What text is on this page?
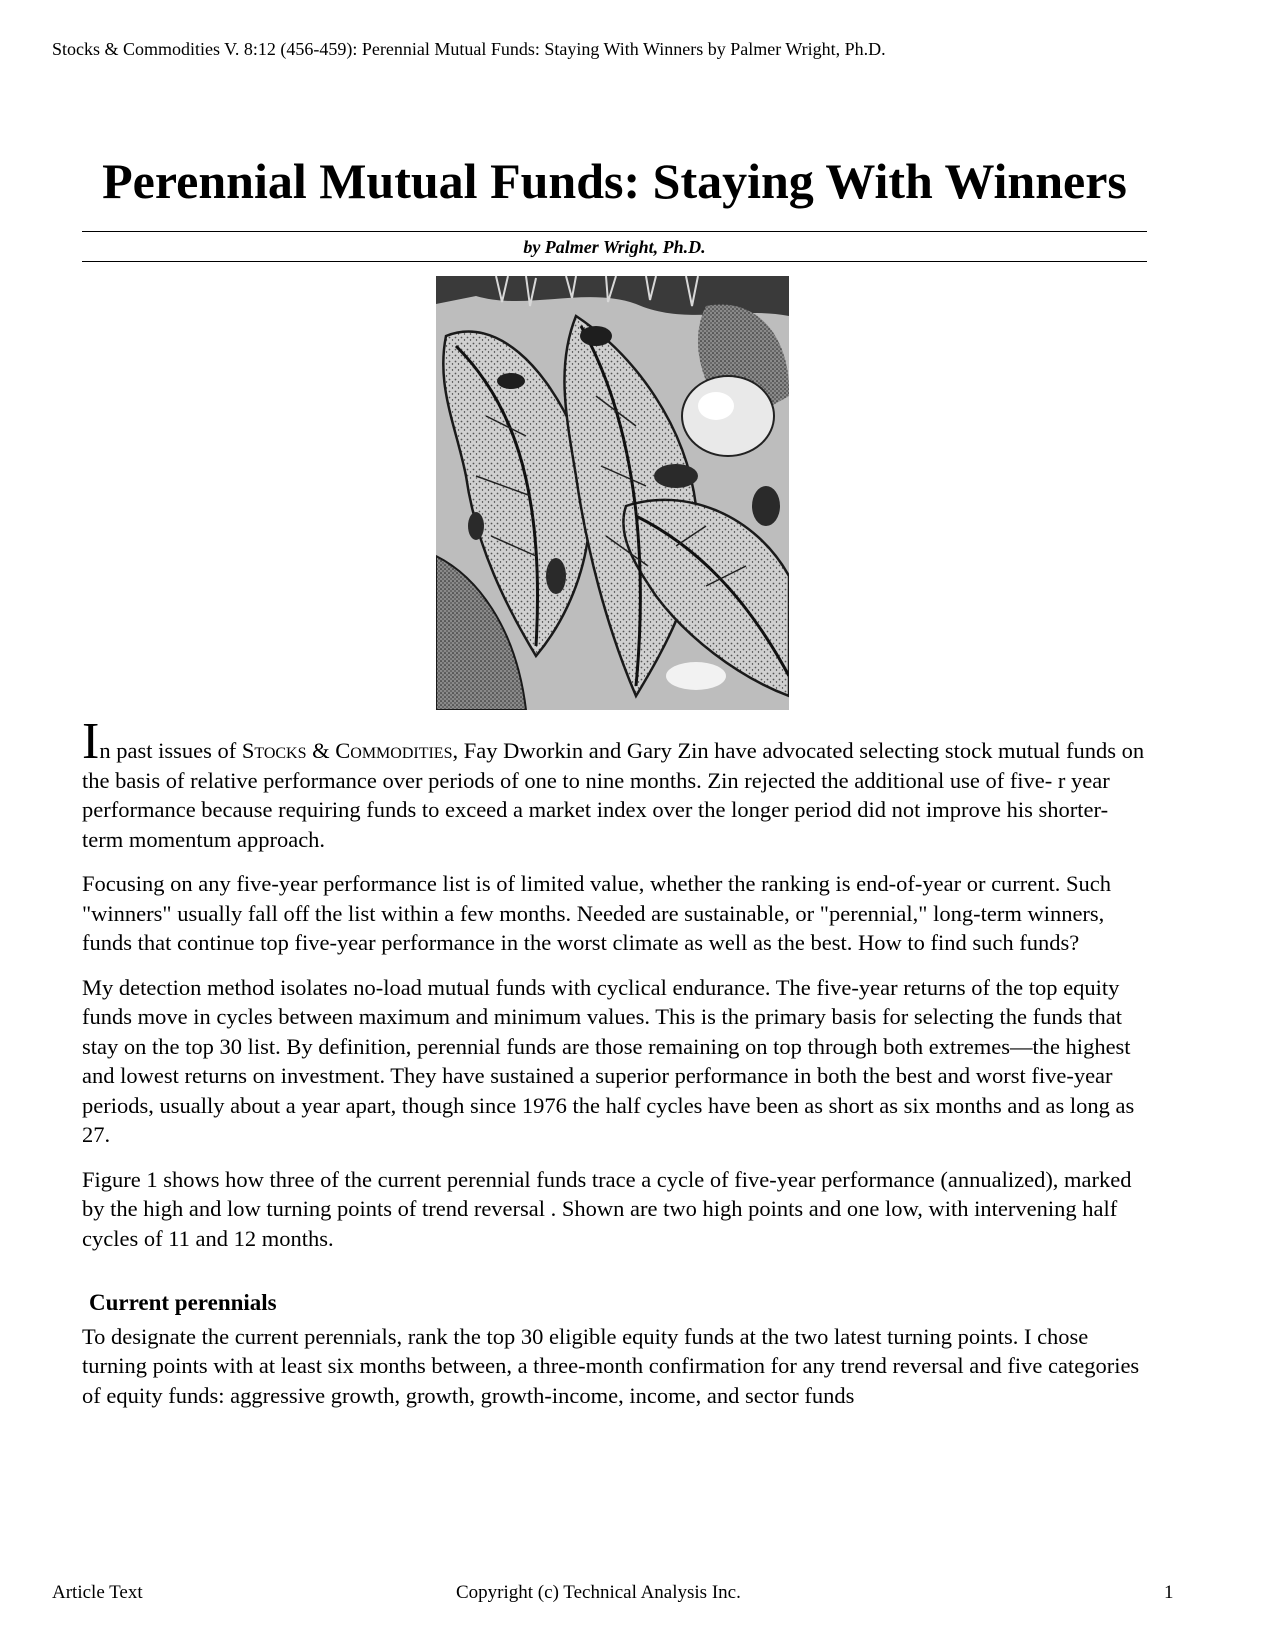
Stocks & Commodities V. 8:12 (456-459): Perennial Mutual Funds: Staying With Winners by Palmer Wright, Ph.D.
Perennial Mutual Funds: Staying With Winners
by Palmer Wright, Ph.D.

In past issues of Stocks & Commodities, Fay Dworkin and Gary Zin have advocated selecting stock mutual funds on the basis of relative performance over periods of one to nine months. Zin rejected the additional use of five- r year performance because requiring funds to exceed a market index over the longer period did not improve his shorter-term momentum approach.

Focusing on any five-year performance list is of limited value, whether the ranking is end-of-year or current. Such "winners" usually fall off the list within a few months. Needed are sustainable, or "perennial," long-term winners, funds that continue top five-year performance in the worst climate as well as the best. How to find such funds?

My detection method isolates no-load mutual funds with cyclical endurance. The five-year returns of the top equity funds move in cycles between maximum and minimum values. This is the primary basis for selecting the funds that stay on the top 30 list. By definition, perennial funds are those remaining on top through both extremes—the highest and lowest returns on investment. They have sustained a superior performance in both the best and worst five-year periods, usually about a year apart, though since 1976 the half cycles have been as short as six months and as long as 27.

Figure 1 shows how three of the current perennial funds trace a cycle of five-year performance (annualized), marked by the high and low turning points of trend reversal . Shown are two high points and one low, with intervening half cycles of 11 and 12 months.

Current perennials

To designate the current perennials, rank the top 30 eligible equity funds at the two latest turning points. I chose turning points with at least six months between, a three-month confirmation for any trend reversal and five categories of equity funds: aggressive growth, growth, growth-income, income, and sector funds

Article Text	Copyright (c) Technical Analysis Inc.	1
